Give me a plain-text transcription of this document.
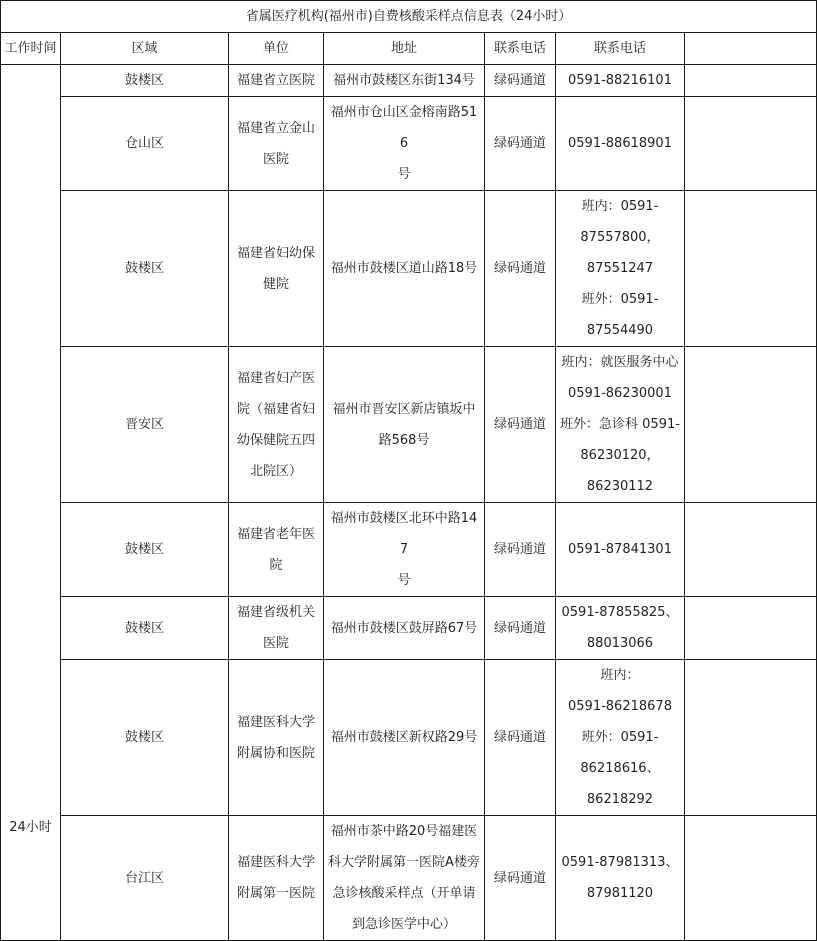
省属医疗机构(福州市)自费核酸采样点信息表（24小时）						
工作时间	区域	单位	地址	联系电话	联系电话	
24小时	鼓楼区	福建省立医院	福州市鼓楼区东街134号	绿码通道	0591-88216101	

	仓山区	福建省立金山
医院	福州市仓山区金榕南路516
号	绿码通道	0591-88618901	

	鼓楼区	福建省妇幼保
健院	福州市鼓楼区道山路18号	绿码通道	班内：0591-
87557800，
87551247
班外：0591-
87554490	

	晋安区	福建省妇产医
院（福建省妇
幼保健院五四
北院区）	福州市晋安区新店镇坂中
路568号	绿码通道	班内：就医服务中心
0591-86230001
班外：急诊科 0591-
86230120，
86230112	

	鼓楼区	福建省老年医
院	福州市鼓楼区北环中路147
号	绿码通道	0591-87841301	

	鼓楼区	福建省级机关
医院	福州市鼓楼区鼓屏路67号	绿码通道	0591-87855825、
88013066	

	鼓楼区	福建医科大学
附属协和医院	福州市鼓楼区新权路29号	绿码通道	班内：
0591-86218678
班外：0591-
86218616、
86218292	

	台江区	福建医科大学
附属第一医院	福州市茶中路20号福建医
科大学附属第一医院A楼旁
急诊核酸采样点（开单请
到急诊医学中心）	绿码通道	0591-87981313、
87981120	
